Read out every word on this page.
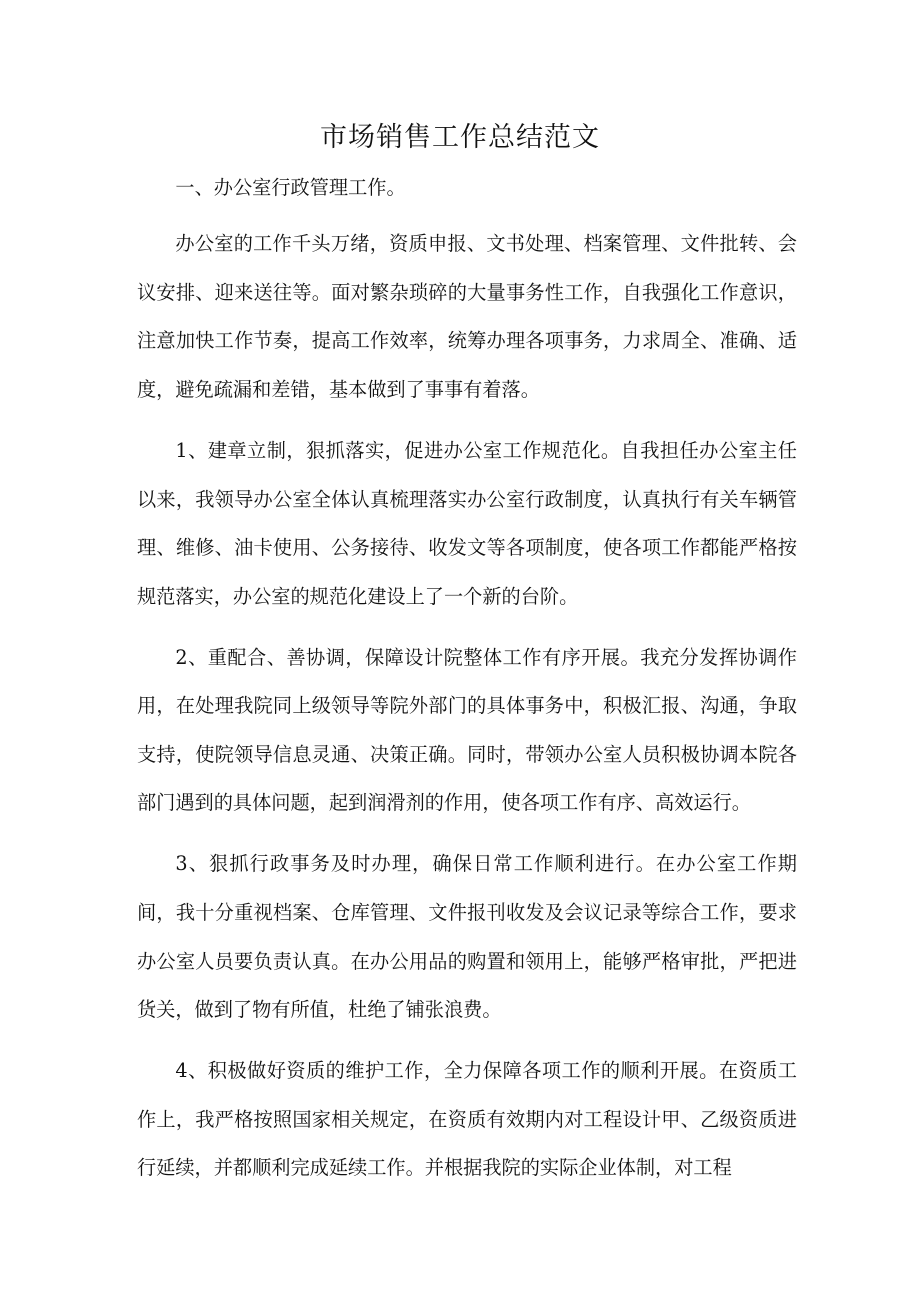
市场销售工作总结范文

一、办公室行政管理工作。

办公室的工作千头万绪，资质申报、文书处理、档案管理、文件批转、会议安排、迎来送往等。面对繁杂琐碎的大量事务性工作，自我强化工作意识，注意加快工作节奏，提高工作效率，统筹办理各项事务，力求周全、准确、适度，避免疏漏和差错，基本做到了事事有着落。

1、建章立制，狠抓落实，促进办公室工作规范化。自我担任办公室主任以来，我领导办公室全体认真梳理落实办公室行政制度，认真执行有关车辆管理、维修、油卡使用、公务接待、收发文等各项制度，使各项工作都能严格按规范落实，办公室的规范化建设上了一个新的台阶。

2、重配合、善协调，保障设计院整体工作有序开展。我充分发挥协调作用，在处理我院同上级领导等院外部门的具体事务中，积极汇报、沟通，争取支持，使院领导信息灵通、决策正确。同时，带领办公室人员积极协调本院各部门遇到的具体问题，起到润滑剂的作用，使各项工作有序、高效运行。

3、狠抓行政事务及时办理，确保日常工作顺利进行。在办公室工作期间，我十分重视档案、仓库管理、文件报刊收发及会议记录等综合工作，要求办公室人员要负责认真。在办公用品的购置和领用上，能够严格审批，严把进货关，做到了物有所值，杜绝了铺张浪费。

4、积极做好资质的维护工作，全力保障各项工作的顺利开展。在资质工作上，我严格按照国家相关规定，在资质有效期内对工程设计甲、乙级资质进行延续，并都顺利完成延续工作。并根据我院的实际企业体制，对工程
